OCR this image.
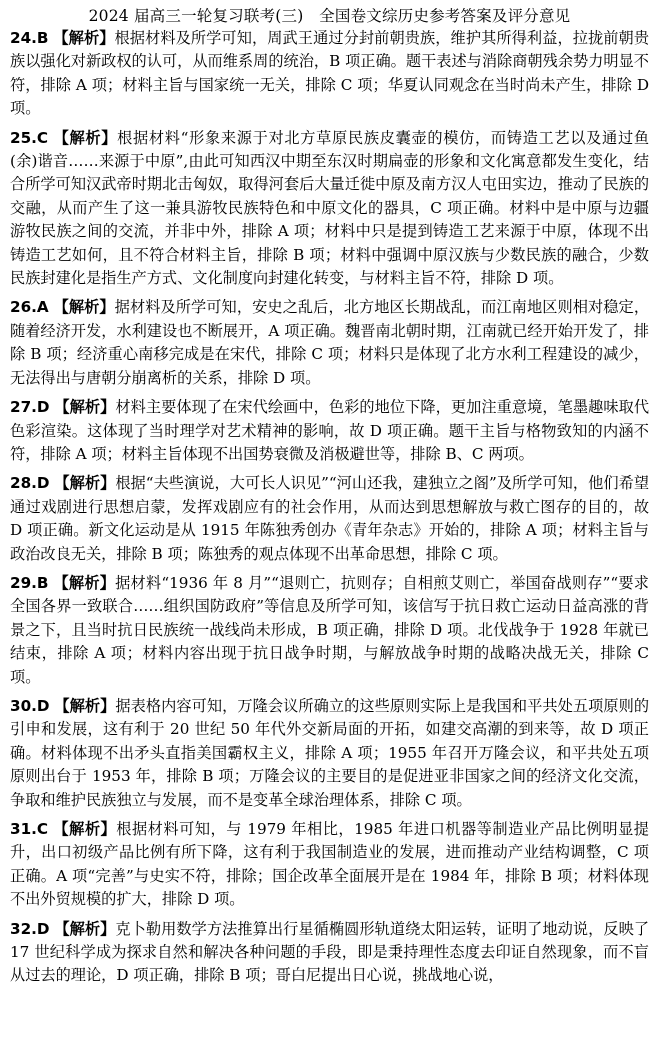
2024 届高三一轮复习联考(三)　全国卷文综历史参考答案及评分意见
24.B 【解析】根据材料及所学可知，周武王通过分封前朝贵族，维护其所得利益，拉拢前朝贵族以强化对新政权的认可，从而维系周的统治，B 项正确。题干表述与消除商朝残余势力明显不符，排除 A 项；材料主旨与国家统一无关，排除 C 项；华夏认同观念在当时尚未产生，排除 D 项。
25.C 【解析】根据材料“形象来源于对北方草原民族皮囊壶的模仿，而铸造工艺以及通过鱼(余)谐音……来源于中原”,由此可知西汉中期至东汉时期扁壶的形象和文化寓意都发生变化，结合所学可知汉武帝时期北击匈奴，取得河套后大量迁徙中原及南方汉人屯田实边，推动了民族的交融，从而产生了这一兼具游牧民族特色和中原文化的器具，C 项正确。材料中是中原与边疆游牧民族之间的交流，并非中外，排除 A 项；材料中只是提到铸造工艺来源于中原，体现不出铸造工艺如何，且不符合材料主旨，排除 B 项；材料中强调中原汉族与少数民族的融合，少数民族封建化是指生产方式、文化制度向封建化转变，与材料主旨不符，排除 D 项。
26.A 【解析】据材料及所学可知，安史之乱后，北方地区长期战乱，而江南地区则相对稳定，随着经济开发，水利建设也不断展开，A 项正确。魏晋南北朝时期，江南就已经开始开发了，排除 B 项；经济重心南移完成是在宋代，排除 C 项；材料只是体现了北方水利工程建设的减少，无法得出与唐朝分崩离析的关系，排除 D 项。
27.D 【解析】材料主要体现了在宋代绘画中，色彩的地位下降，更加注重意境，笔墨趣味取代色彩渲染。这体现了当时理学对艺术精神的影响，故 D 项正确。题干主旨与格物致知的内涵不符，排除 A 项；材料主旨体现不出国势衰微及消极避世等，排除 B、C 两项。
28.D 【解析】根据“夫些演说，大可长人识见”“河山还我，建独立之阁”及所学可知，他们希望通过戏剧进行思想启蒙，发挥戏剧应有的社会作用，从而达到思想解放与救亡图存的目的，故 D 项正确。新文化运动是从 1915 年陈独秀创办《青年杂志》开始的，排除 A 项；材料主旨与政治改良无关，排除 B 项；陈独秀的观点体现不出革命思想，排除 C 项。
29.B 【解析】据材料“1936 年 8 月”“退则亡，抗则存；自相煎艾则亡，举国奋战则存”“要求全国各界一致联合……组织国防政府”等信息及所学可知，该信写于抗日救亡运动日益高涨的背景之下，且当时抗日民族统一战线尚未形成，B 项正确，排除 D 项。北伐战争于 1928 年就已结束，排除 A 项；材料内容出现于抗日战争时期，与解放战争时期的战略决战无关，排除 C 项。
30.D 【解析】据表格内容可知，万隆会议所确立的这些原则实际上是我国和平共处五项原则的引申和发展，这有利于 20 世纪 50 年代外交新局面的开拓，如建交高潮的到来等，故 D 项正确。材料体现不出矛头直指美国霸权主义，排除 A 项；1955 年召开万隆会议，和平共处五项原则出台于 1953 年，排除 B 项；万隆会议的主要目的是促进亚非国家之间的经济文化交流，争取和维护民族独立与发展，而不是变革全球治理体系，排除 C 项。
31.C 【解析】根据材料可知，与 1979 年相比，1985 年进口机器等制造业产品比例明显提升，出口初级产品比例有所下降，这有利于我国制造业的发展，进而推动产业结构调整，C 项正确。A 项“完善”与史实不符，排除；国企改革全面展开是在 1984 年，排除 B 项；材料体现不出外贸规模的扩大，排除 D 项。
32.D 【解析】克卜勒用数学方法推算出行星循椭圆形轨道绕太阳运转，证明了地动说，反映了 17 世纪科学成为探求自然和解决各种问题的手段，即是秉持理性态度去印证自然现象，而不盲从过去的理论，D 项正确，排除 B 项；哥白尼提出日心说，挑战地心说，
